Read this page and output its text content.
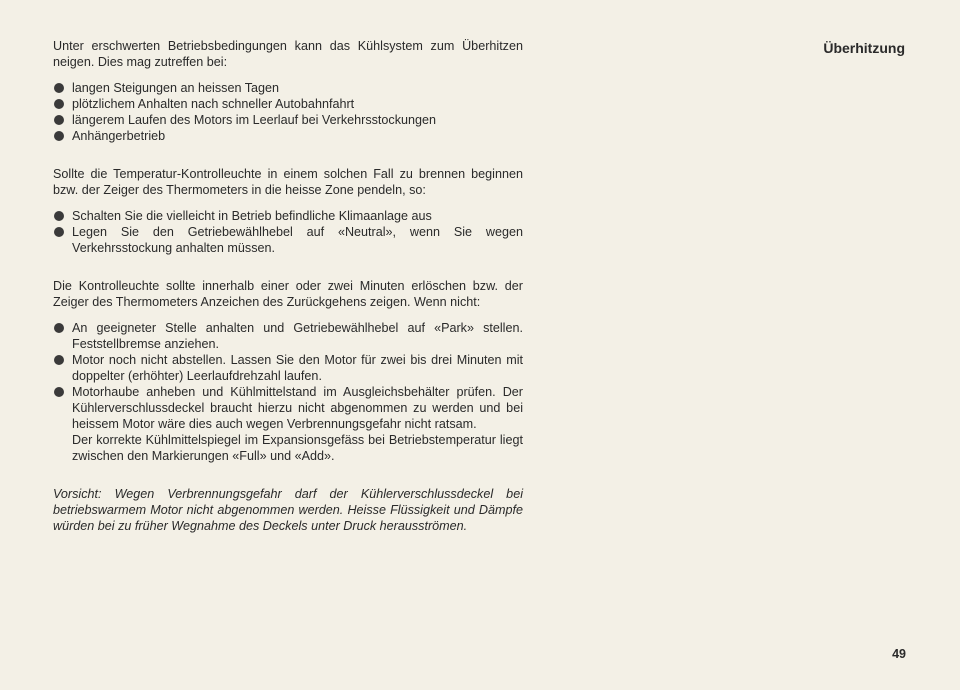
Überhitzung

Unter erschwerten Betriebsbedingungen kann das Kühlsystem zum Überhitzen neigen. Dies mag zutreffen bei:

langen Steigungen an heissen Tagen
plötzlichem Anhalten nach schneller Autobahnfahrt
längerem Laufen des Motors im Leerlauf bei Verkehrsstockungen
Anhängerbetrieb

Sollte die Temperatur-Kontrolleuchte in einem solchen Fall zu brennen beginnen bzw. der Zeiger des Thermometers in die heisse Zone pendeln, so:

Schalten Sie die vielleicht in Betrieb befindliche Klimaanlage aus
Legen Sie den Getriebewählhebel auf «Neutral», wenn Sie wegen Verkehrsstockung anhalten müssen.

Die Kontrolleuchte sollte innerhalb einer oder zwei Minuten erlöschen bzw. der Zeiger des Thermometers Anzeichen des Zurückgehens zeigen. Wenn nicht:

An geeigneter Stelle anhalten und Getriebewählhebel auf «Park» stellen. Feststellbremse anziehen.
Motor noch nicht abstellen. Lassen Sie den Motor für zwei bis drei Minuten mit doppelter (erhöhter) Leerlaufdrehzahl laufen.
Motorhaube anheben und Kühlmittelstand im Ausgleichsbehälter prüfen. Der Kühlerverschlussdeckel braucht hierzu nicht abgenommen zu werden und bei heissem Motor wäre dies auch wegen Verbrennungsgefahr nicht ratsam.
Der korrekte Kühlmittelspiegel im Expansionsgefäss bei Betriebstemperatur liegt zwischen den Markierungen «Full» und «Add».

Vorsicht: Wegen Verbrennungsgefahr darf der Kühlerverschlussdeckel bei betriebswarmem Motor nicht abgenommen werden. Heisse Flüssigkeit und Dämpfe würden bei zu früher Wegnahme des Deckels unter Druck herausströmen.

49
